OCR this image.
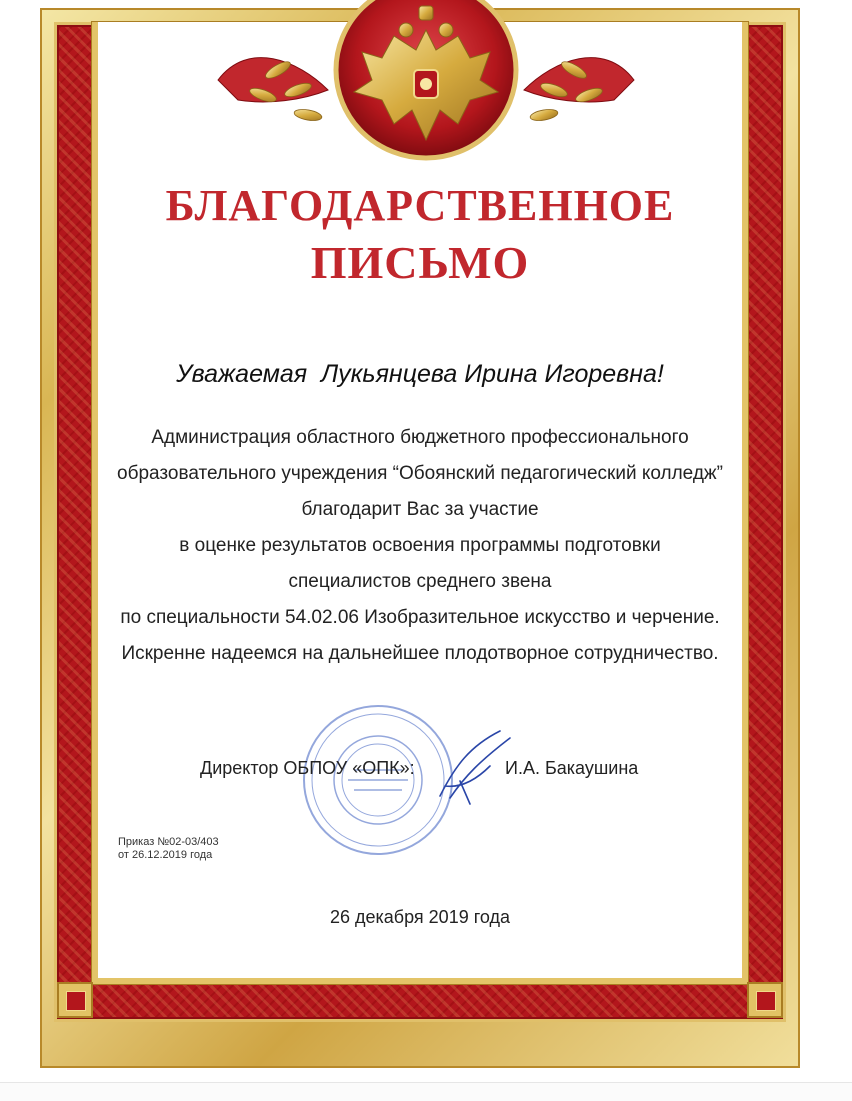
БЛАГОДАРСТВЕННОЕ
ПИСЬМО
Уважаемая  Лукьянцева Ирина Игоревна!
Администрация областного бюджетного профессионального
образовательного учреждения “Обоянский педагогический колледж”
благодарит Вас за участие
в оценке результатов освоения программы подготовки
специалистов среднего звена
по специальности 54.02.06 Изобразительное искусство и черчение.
Искренне надеемся на дальнейшее плодотворное сотрудничество.
Директор ОБПОУ «ОПК»:	И.А. Бакаушина
Приказ №02-03/403
от 26.12.2019 года
26 декабря 2019 года
